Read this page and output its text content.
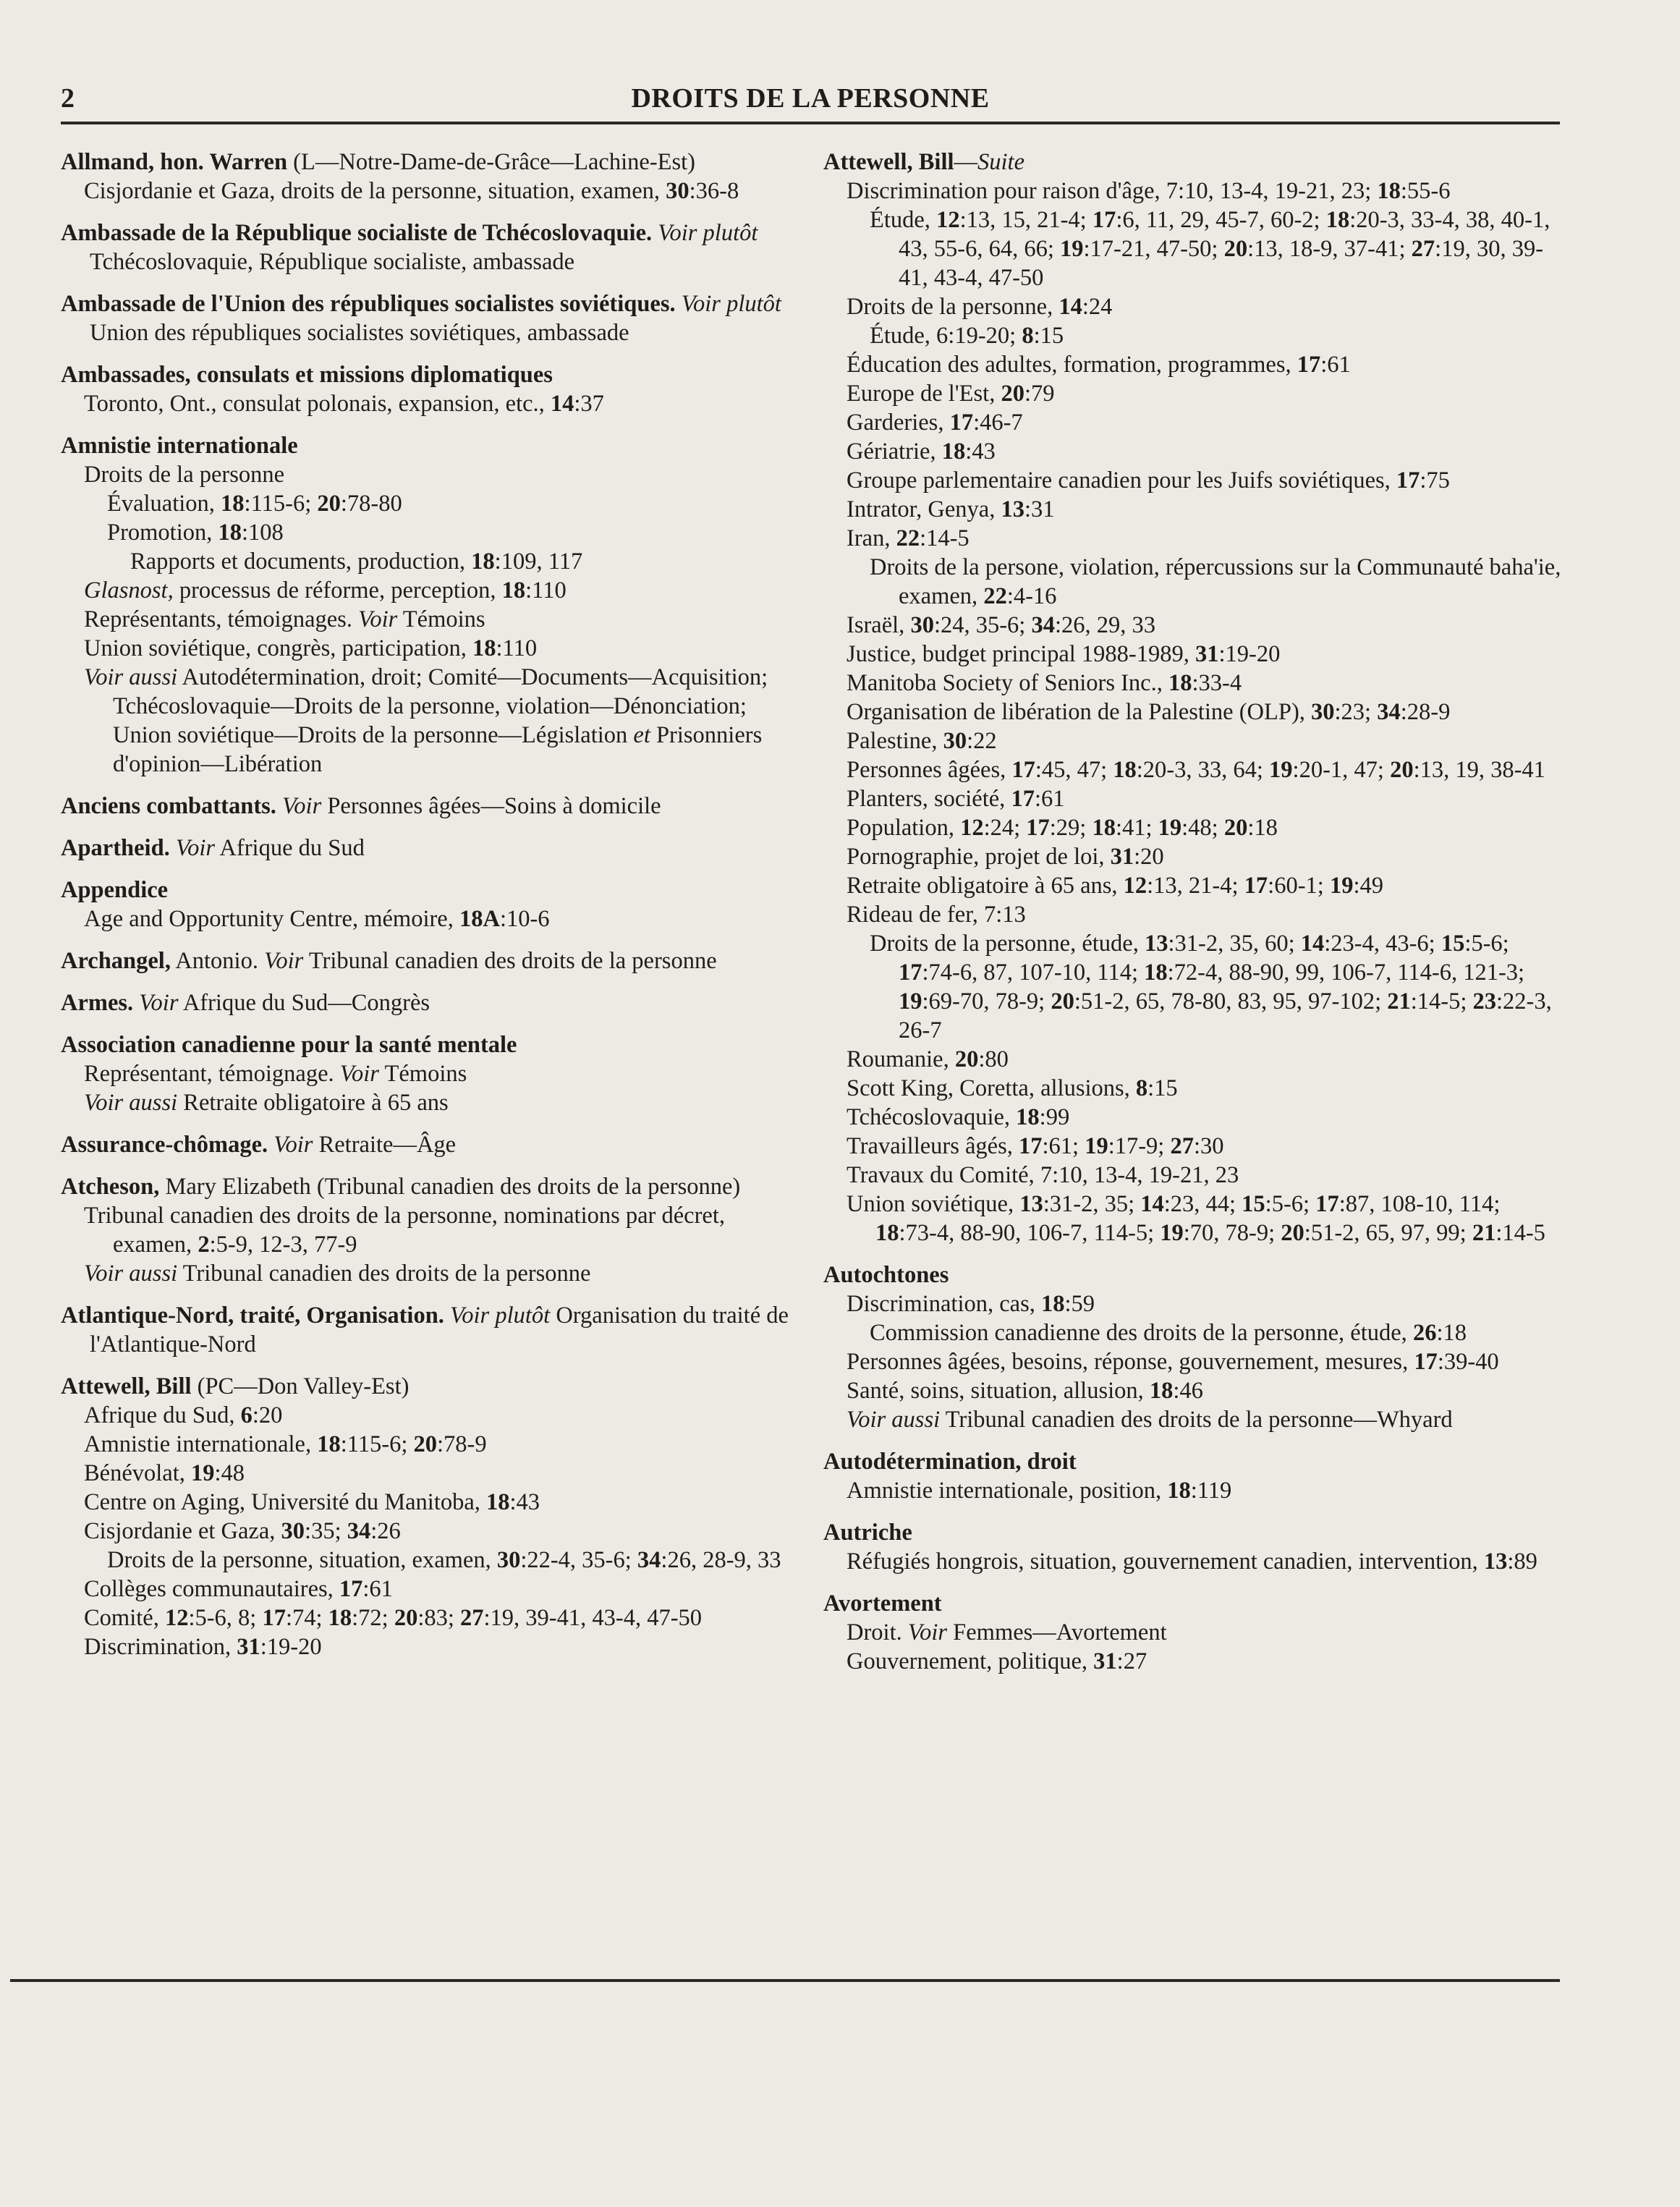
2	DROITS DE LA PERSONNE
Allmand, hon. Warren (L—Notre-Dame-de-Grâce—Lachine-Est)
Cisjordanie et Gaza, droits de la personne, situation, examen, 30:36-8
Ambassade de la République socialiste de Tchécoslovaquie. Voir plutôt Tchécoslovaquie, République socialiste, ambassade
Ambassade de l'Union des républiques socialistes soviétiques. Voir plutôt Union des républiques socialistes soviétiques, ambassade
Ambassades, consulats et missions diplomatiques
Toronto, Ont., consulat polonais, expansion, etc., 14:37
Amnistie internationale
Droits de la personne
Évaluation, 18:115-6; 20:78-80
Promotion, 18:108
Rapports et documents, production, 18:109, 117
Glasnost, processus de réforme, perception, 18:110
Représentants, témoignages. Voir Témoins
Union soviétique, congrès, participation, 18:110
Voir aussi Autodétermination, droit; Comité—Documents—Acquisition; Tchécoslovaquie—Droits de la personne, violation—Dénonciation; Union soviétique—Droits de la personne—Législation et Prisonniers d'opinion—Libération
Anciens combattants. Voir Personnes âgées—Soins à domicile
Apartheid. Voir Afrique du Sud
Appendice
Age and Opportunity Centre, mémoire, 18A:10-6
Archangel, Antonio. Voir Tribunal canadien des droits de la personne
Armes. Voir Afrique du Sud—Congrès
Association canadienne pour la santé mentale
Représentant, témoignage. Voir Témoins
Voir aussi Retraite obligatoire à 65 ans
Assurance-chômage. Voir Retraite—Âge
Atcheson, Mary Elizabeth (Tribunal canadien des droits de la personne)
Tribunal canadien des droits de la personne, nominations par décret, examen, 2:5-9, 12-3, 77-9
Voir aussi Tribunal canadien des droits de la personne
Atlantique-Nord, traité, Organisation. Voir plutôt Organisation du traité de l'Atlantique-Nord
Attewell, Bill (PC—Don Valley-Est)
Afrique du Sud, 6:20
Amnistie internationale, 18:115-6; 20:78-9
Bénévolat, 19:48
Centre on Aging, Université du Manitoba, 18:43
Cisjordanie et Gaza, 30:35; 34:26
Droits de la personne, situation, examen, 30:22-4, 35-6; 34:26, 28-9, 33
Collèges communautaires, 17:61
Comité, 12:5-6, 8; 17:74; 18:72; 20:83; 27:19, 39-41, 43-4, 47-50
Discrimination, 31:19-20
Attewell, Bill—Suite
Discrimination pour raison d'âge, 7:10, 13-4, 19-21, 23; 18:55-6
Étude, 12:13, 15, 21-4; 17:6, 11, 29, 45-7, 60-2; 18:20-3, 33-4, 38, 40-1, 43, 55-6, 64, 66; 19:17-21, 47-50; 20:13, 18-9, 37-41; 27:19, 30, 39-41, 43-4, 47-50
Droits de la personne, 14:24
Étude, 6:19-20; 8:15
Éducation des adultes, formation, programmes, 17:61
Europe de l'Est, 20:79
Garderies, 17:46-7
Gériatrie, 18:43
Groupe parlementaire canadien pour les Juifs soviétiques, 17:75
Intrator, Genya, 13:31
Iran, 22:14-5
Droits de la persone, violation, répercussions sur la Communauté baha'ie, examen, 22:4-16
Israël, 30:24, 35-6; 34:26, 29, 33
Justice, budget principal 1988-1989, 31:19-20
Manitoba Society of Seniors Inc., 18:33-4
Organisation de libération de la Palestine (OLP), 30:23; 34:28-9
Palestine, 30:22
Personnes âgées, 17:45, 47; 18:20-3, 33, 64; 19:20-1, 47; 20:13, 19, 38-41
Planters, société, 17:61
Population, 12:24; 17:29; 18:41; 19:48; 20:18
Pornographie, projet de loi, 31:20
Retraite obligatoire à 65 ans, 12:13, 21-4; 17:60-1; 19:49
Rideau de fer, 7:13
Droits de la personne, étude, 13:31-2, 35, 60; 14:23-4, 43-6; 15:5-6; 17:74-6, 87, 107-10, 114; 18:72-4, 88-90, 99, 106-7, 114-6, 121-3; 19:69-70, 78-9; 20:51-2, 65, 78-80, 83, 95, 97-102; 21:14-5; 23:22-3, 26-7
Roumanie, 20:80
Scott King, Coretta, allusions, 8:15
Tchécoslovaquie, 18:99
Travailleurs âgés, 17:61; 19:17-9; 27:30
Travaux du Comité, 7:10, 13-4, 19-21, 23
Union soviétique, 13:31-2, 35; 14:23, 44; 15:5-6; 17:87, 108-10, 114; 18:73-4, 88-90, 106-7, 114-5; 19:70, 78-9; 20:51-2, 65, 97, 99; 21:14-5
Autochtones
Discrimination, cas, 18:59
Commission canadienne des droits de la personne, étude, 26:18
Personnes âgées, besoins, réponse, gouvernement, mesures, 17:39-40
Santé, soins, situation, allusion, 18:46
Voir aussi Tribunal canadien des droits de la personne—Whyard
Autodétermination, droit
Amnistie internationale, position, 18:119
Autriche
Réfugiés hongrois, situation, gouvernement canadien, intervention, 13:89
Avortement
Droit. Voir Femmes—Avortement
Gouvernement, politique, 31:27
